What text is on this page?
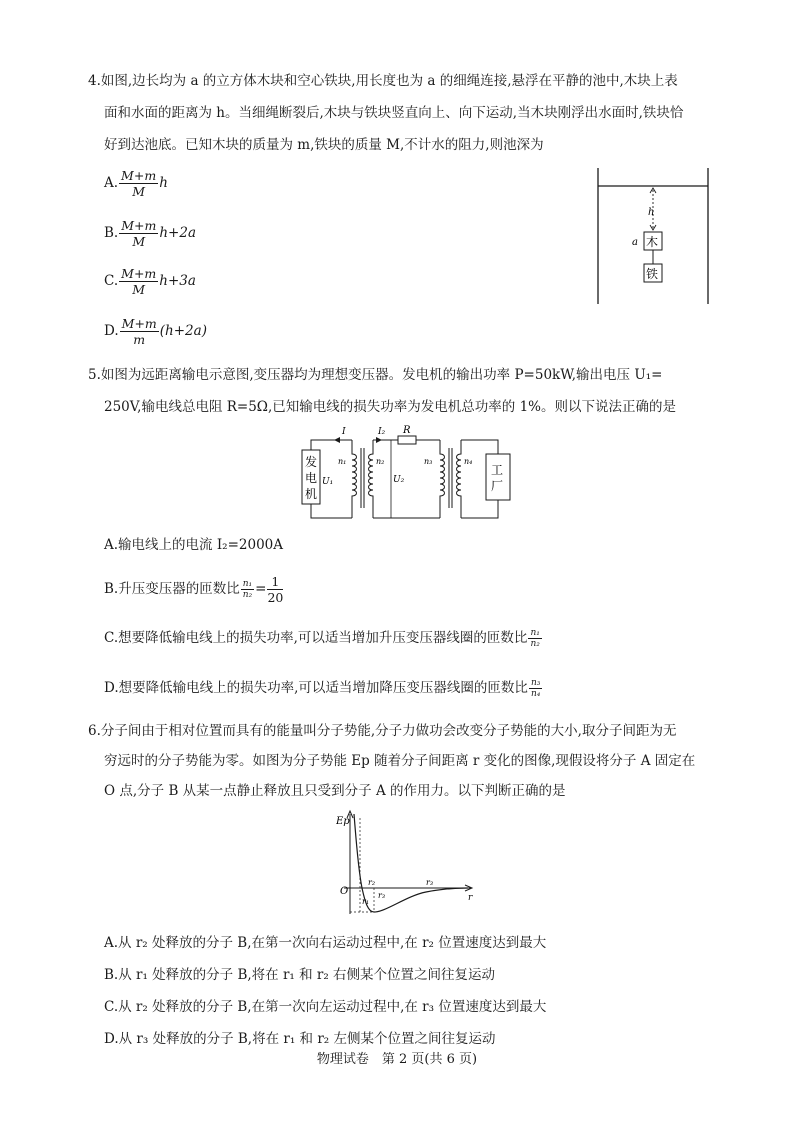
4.如图,边长均为 a 的立方体木块和空心铁块,用长度也为 a 的细绳连接,悬浮在平静的池中,木块上表
面和水面的距离为 h。当细绳断裂后,木块与铁块竖直向上、向下运动,当木块刚浮出水面时,铁块恰
好到达池底。已知木块的质量为 m,铁块的质量 M,不计水的阻力,则池深为
A. $\frac{M+m}{M}$ h
B. $\frac{M+m}{M} h+2a$
C. $\frac{M+m}{M} h+3a$
D. $\frac{M+m}{m} (h+2a)$
h
木
a
铁
5.如图为远距离输电示意图,变压器均为理想变压器。发电机的输出功率 P=50kW,输出电压 U₁=
250V,输电线总电阻 R=5Ω,已知输电线的损失功率为发电机总功率的 1%。则以下说法正确的是
发
电
机
I
U₁
n₁	n₂
I₂ R
U₂
n₃	n₄
工
厂
A.输电线上的电流 I₂=2000A
B.升压变压器的匝数比 $\frac{\text{n₁}}{\text{n₂}} = \frac{1}{20}$
C.想要降低输电线上的损失功率,可以适当增加升压变压器线圈的匝数比 $\frac{\text{n₁}}{\text{n₂}}$
D.想要降低输电线上的损失功率,可以适当增加降压变压器线圈的匝数比 $\frac{\text{n₃}}{\text{n₄}}$
6.分子间由于相对位置而具有的能量叫分子势能,分子力做功会改变分子势能的大小,取分子间距为无
穷远时的分子势能为零。如图为分子势能 Ep 随着分子间距离 r 变化的图像,现假设将分子 A 固定在
O 点,分子 B 从某一点静止释放且只受到分子 A 的作用力。以下判断正确的是
Ep
O
r
r₁
r₂
r₃
r₃
A.从 r₂ 处释放的分子 B,在第一次向右运动过程中,在 r₂ 位置速度达到最大
B.从 r₁ 处释放的分子 B,将在 r₁ 和 r₂ 右侧某个位置之间往复运动
C.从 r₂ 处释放的分子 B,在第一次向左运动过程中,在 r₃ 位置速度达到最大
D.从 r₃ 处释放的分子 B,将在 r₁ 和 r₂ 左侧某个位置之间往复运动
物理试卷　第 2 页(共 6 页)
